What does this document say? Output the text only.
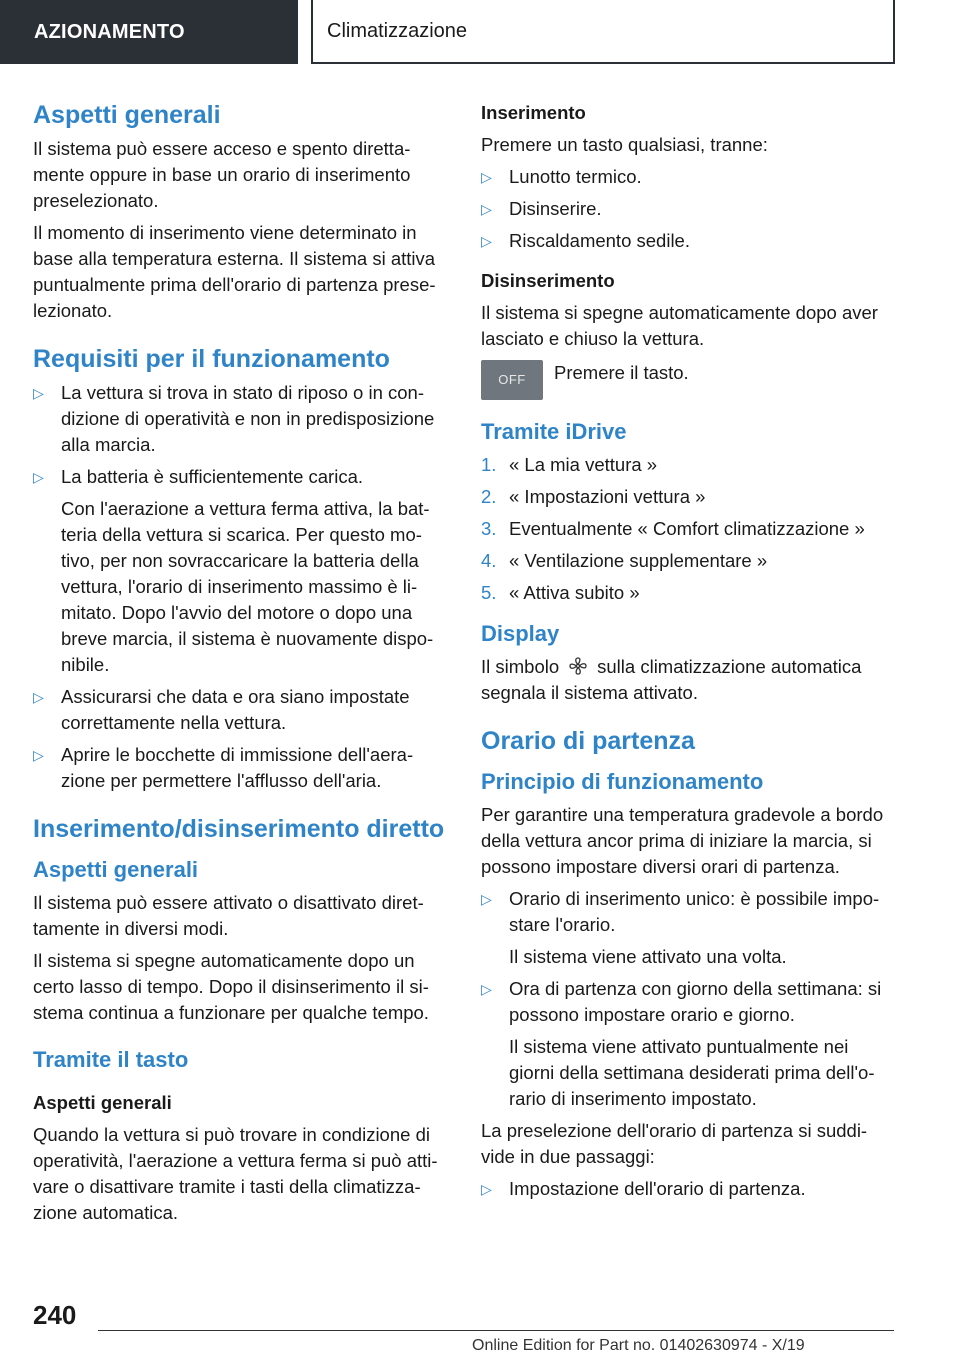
AZIONAMENTO	Climatizzazione
Aspetti generali

Il sistema può essere acceso e spento diretta-mente oppure in base un orario di inserimento preselezionato.

Il momento di inserimento viene determinato in base alla temperatura esterna. Il sistema si attiva puntualmente prima dell'orario di partenza prese-lezionato.

Requisiti per il funzionamento
▷ La vettura si trova in stato di riposo o in con-dizione di operatività e non in predisposizione alla marcia.
▷ La batteria è sufficientemente carica.

Con l'aerazione a vettura ferma attiva, la bat-teria della vettura si scarica. Per questo mo-tivo, per non sovraccaricare la batteria della vettura, l'orario di inserimento massimo è li-mitato. Dopo l'avvio del motore o dopo una breve marcia, il sistema è nuovamente dispo-nibile.

▷ Assicurarsi che data e ora siano impostate correttamente nella vettura.
▷ Aprire le bocchette di immissione dell'aera-zione per permettere l'afflusso dell'aria.
Inserimento/disinserimento diretto
Aspetti generali

Il sistema può essere attivato o disattivato diret-tamente in diversi modi.

Il sistema si spegne automaticamente dopo un certo lasso di tempo. Dopo il disinserimento il si-stema continua a funzionare per qualche tempo.

Tramite il tasto
Aspetti generali

Quando la vettura si può trovare in condizione di operatività, l'aerazione a vettura ferma si può atti-vare o disattivare tramite i tasti della climatizza-zione automatica.

Inserimento

Premere un tasto qualsiasi, tranne:

▷ Lunotto termico.
▷ Disinserire.
▷ Riscaldamento sedile.
Disinserimento

Il sistema si spegne automaticamente dopo aver lasciato e chiuso la vettura.

OFF	Premere il tasto.
Tramite iDrive
1. « La mia vettura »
2. « Impostazioni vettura »
3. Eventualmente « Comfort climatizzazione »
4. « Ventilazione supplementare »
5. « Attiva subito »
Display

Il simbolo sulla climatizzazione automatica segnala il sistema attivato.

Orario di partenza
Principio di funzionamento

Per garantire una temperatura gradevole a bordo della vettura ancor prima di iniziare la marcia, si possono impostare diversi orari di partenza.

▷ Orario di inserimento unico: è possibile impo-stare l'orario.

Il sistema viene attivato una volta.

▷ Ora di partenza con giorno della settimana: si possono impostare orario e giorno.

Il sistema viene attivato puntualmente nei giorni della settimana desiderati prima dell'o-rario di inserimento impostato.

La preselezione dell'orario di partenza si suddi-vide in due passaggi:

▷ Impostazione dell'orario di partenza.
240
Online Edition for Part no. 01402630974 - X/19
